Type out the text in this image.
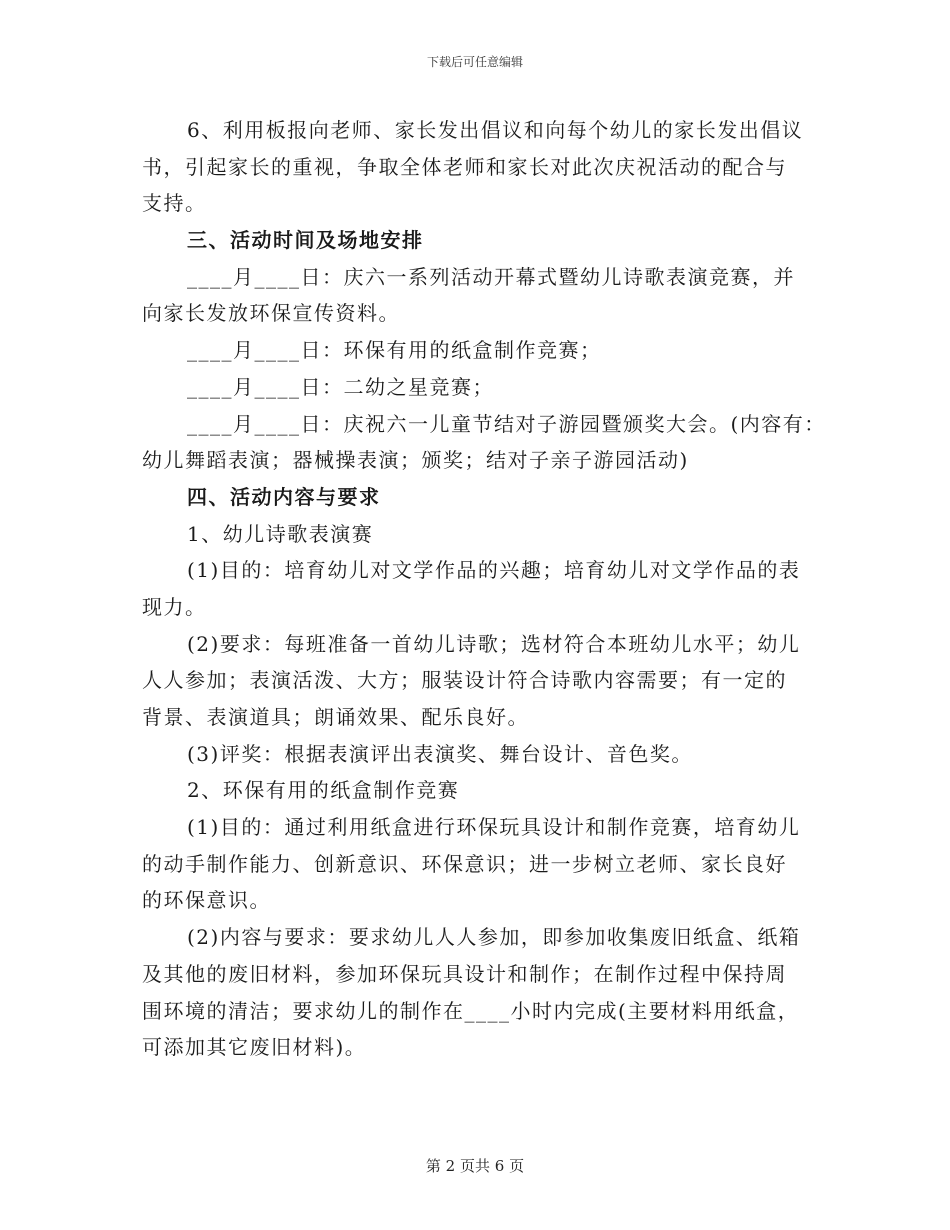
下载后可任意编辑
6、利用板报向老师、家长发出倡议和向每个幼儿的家长发出倡议
书，引起家长的重视，争取全体老师和家长对此次庆祝活动的配合与
支持。
三、活动时间及场地安排
____月____日：庆六一系列活动开幕式暨幼儿诗歌表演竞赛，并
向家长发放环保宣传资料。
____月____日：环保有用的纸盒制作竞赛；
____月____日：二幼之星竞赛；
____月____日：庆祝六一儿童节结对子游园暨颁奖大会。(内容有：
幼儿舞蹈表演；器械操表演；颁奖；结对子亲子游园活动)
四、活动内容与要求
1、幼儿诗歌表演赛
(1)目的：培育幼儿对文学作品的兴趣；培育幼儿对文学作品的表
现力。
(2)要求：每班准备一首幼儿诗歌；选材符合本班幼儿水平；幼儿
人人参加；表演活泼、大方；服装设计符合诗歌内容需要；有一定的
背景、表演道具；朗诵效果、配乐良好。
(3)评奖：根据表演评出表演奖、舞台设计、音色奖。
2、环保有用的纸盒制作竞赛
(1)目的：通过利用纸盒进行环保玩具设计和制作竞赛，培育幼儿
的动手制作能力、创新意识、环保意识；进一步树立老师、家长良好
的环保意识。
(2)内容与要求：要求幼儿人人参加，即参加收集废旧纸盒、纸箱
及其他的废旧材料，参加环保玩具设计和制作；在制作过程中保持周
围环境的清洁；要求幼儿的制作在____小时内完成(主要材料用纸盒，
可添加其它废旧材料)。
第 2 页共 6 页
